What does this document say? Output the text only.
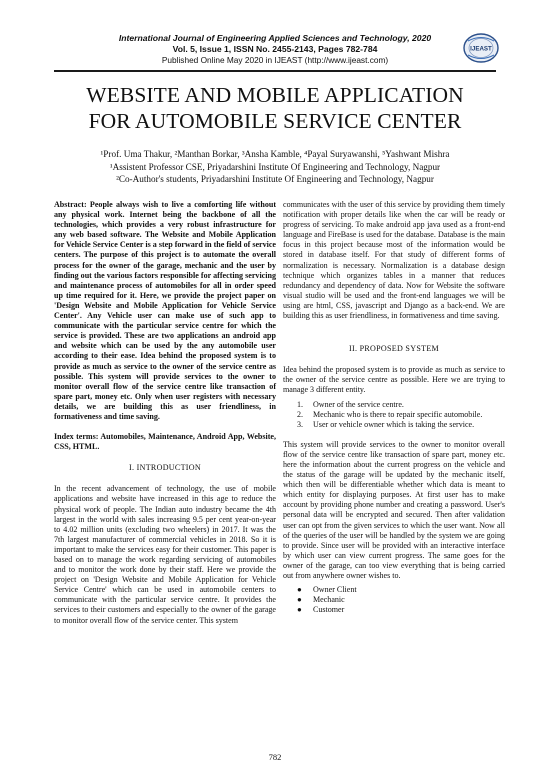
International Journal of Engineering Applied Sciences and Technology, 2020
Vol. 5, Issue 1, ISSN No. 2455-2143, Pages 782-784
Published Online May 2020 in IJEAST (http://www.ijeast.com)
IJEAST
WEBSITE AND MOBILE APPLICATION
FOR AUTOMOBILE SERVICE CENTER
¹Prof. Uma Thakur, ²Manthan Borkar, ³Ansha Kamble, ⁴Payal Suryawanshi, ⁵Yashwant Mishra
¹Assistent Professor CSE, Priyadarshini Institute Of Engineering and Technology, Nagpur
²Co-Author's students, Priyadarshini Institute Of Engineering and Technology, Nagpur

Abstract: People always wish to live a comforting life without any physical work. Internet being the backbone of all the technologies, which provides a very robust infrastructure for any web based software. The Website and Mobile Application for Vehicle Service Center is a step forward in the field of service centers. The purpose of this project is to automate the overall process for the owner of the garage, mechanic and the user by finding out the various factors responsible for affecting servicing and maintenance process of automobiles for all in order speed up time required for it. Here, we provide the project paper on 'Design Website and Mobile Application for Vehicle Service Center'. Any Vehicle user can make use of such app to communicate with the particular service centre for which the service is provided. These are two applications an android app and website which can be used by the any automobile user according to their ease. Idea behind the proposed system is to provide as much as service to the owner of the service centre as possible. This system will provide services to the owner to monitor overall flow of the service centre like transaction of spare part, money etc. Only when user registers with necessary details, we are building this as user friendliness, in formativeness and time saving.

Index terms: Automobiles, Maintenance, Android App, Website, CSS, HTML.

I. INTRODUCTION

In the recent advancement of technology, the use of mobile applications and website have increased in this age to reduce the physical work of people. The Indian auto industry became the 4th largest in the world with sales increasing 9.5 per cent year-on-year to 4.02 million units (excluding two wheelers) in 2017. It was the 7th largest manufacturer of commercial vehicles in 2018. So it is important to make the services easy for their customer. This paper is based on to manage the work regarding servicing of automobiles and to monitor the work done by their staff. Here we provide the project on 'Design Website and Mobile Application for Vehicle Service Centre' which can be used in automobile centers to communicate with the particular service centre. It provides the services to their customers and especially to the owner of the garage to monitor overall flow of the service center. This system

communicates with the user of this service by providing them timely notification with proper details like when the car will be ready or progress of servicing. To make android app java used as a front-end language and FireBase is used for the database. Database is the main focus in this project because most of the information would be stored in database itself. For that study of different forms of normalization is necessary. Normalization is a database design technique which organizes tables in a manner that reduces redundancy and dependency of data. Now for Website the software visual studio will be used and the front-end languages we will be using are html, CSS, javascript and Django as a back-end. We are building this as user friendliness, in formativeness and time saving.

II. PROPOSED SYSTEM

Idea behind the proposed system is to provide as much as service to the owner of the service centre as possible. Here we are trying to manage 3 different entity.

1. Owner of the service centre.
2. Mechanic who is there to repair specific automobile.
3. User or vehicle owner which is taking the service.

This system will provide services to the owner to monitor overall flow of the service centre like transaction of spare part, money etc. here the information about the current progress on the vehicle and the status of the garage will be updated by the mechanic itself, which then will be differentiable whether which data is meant to which entity for displaying purposes. At first user has to make account by providing phone number and creating a password. User's personal data will be encrypted and secured. Then after validation user can opt from the given services to which the user want. Now all of the queries of the user will be handled by the system we are going to provide. Since user will be provided with an interactive interface by which user can view current progress. The same goes for the owner of the garage, can too view everything that is being carried out from anywhere owner wishes to.

● Owner Client
● Mechanic
● Customer
782
